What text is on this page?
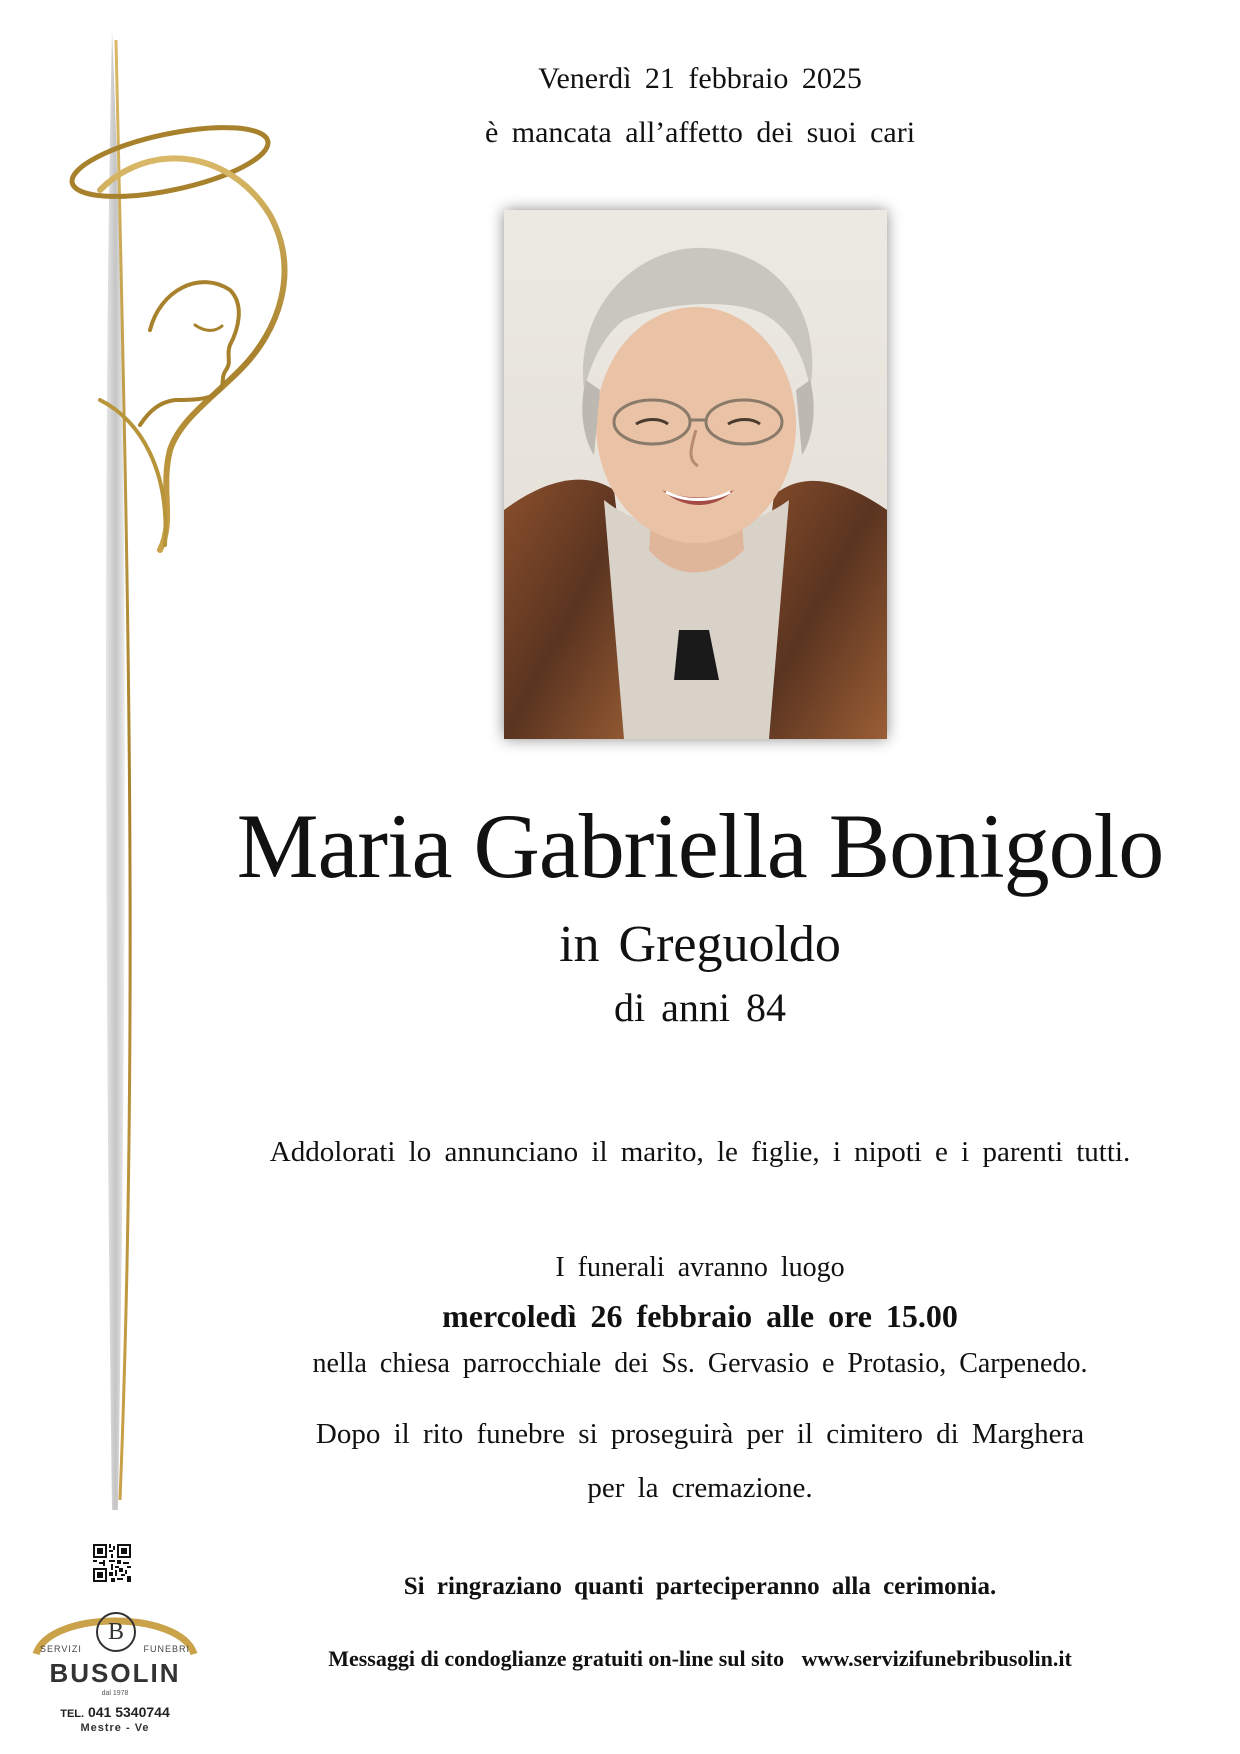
Venerdì 21 febbraio 2025
è mancata all’affetto dei suoi cari
Maria Gabriella Bonigolo
in Greguoldo
di anni 84
Addolorati lo annunciano il marito, le figlie, i nipoti e i parenti tutti.
I funerali avranno luogo
mercoledì 26 febbraio alle ore 15.00
nella chiesa parrocchiale dei Ss. Gervasio e Protasio, Carpenedo.
Dopo il rito funebre si proseguirà per il cimitero di Marghera
per la cremazione.
Si ringraziano quanti parteciperanno alla cerimonia.
Messaggi di condoglianze gratuiti on-line sul sito www.servizifunebribusolin.it
B
SERVIZI	FUNEBRI
BUSOLIN
dal 1978
TEL. 041 5340744
Mestre - Ve
